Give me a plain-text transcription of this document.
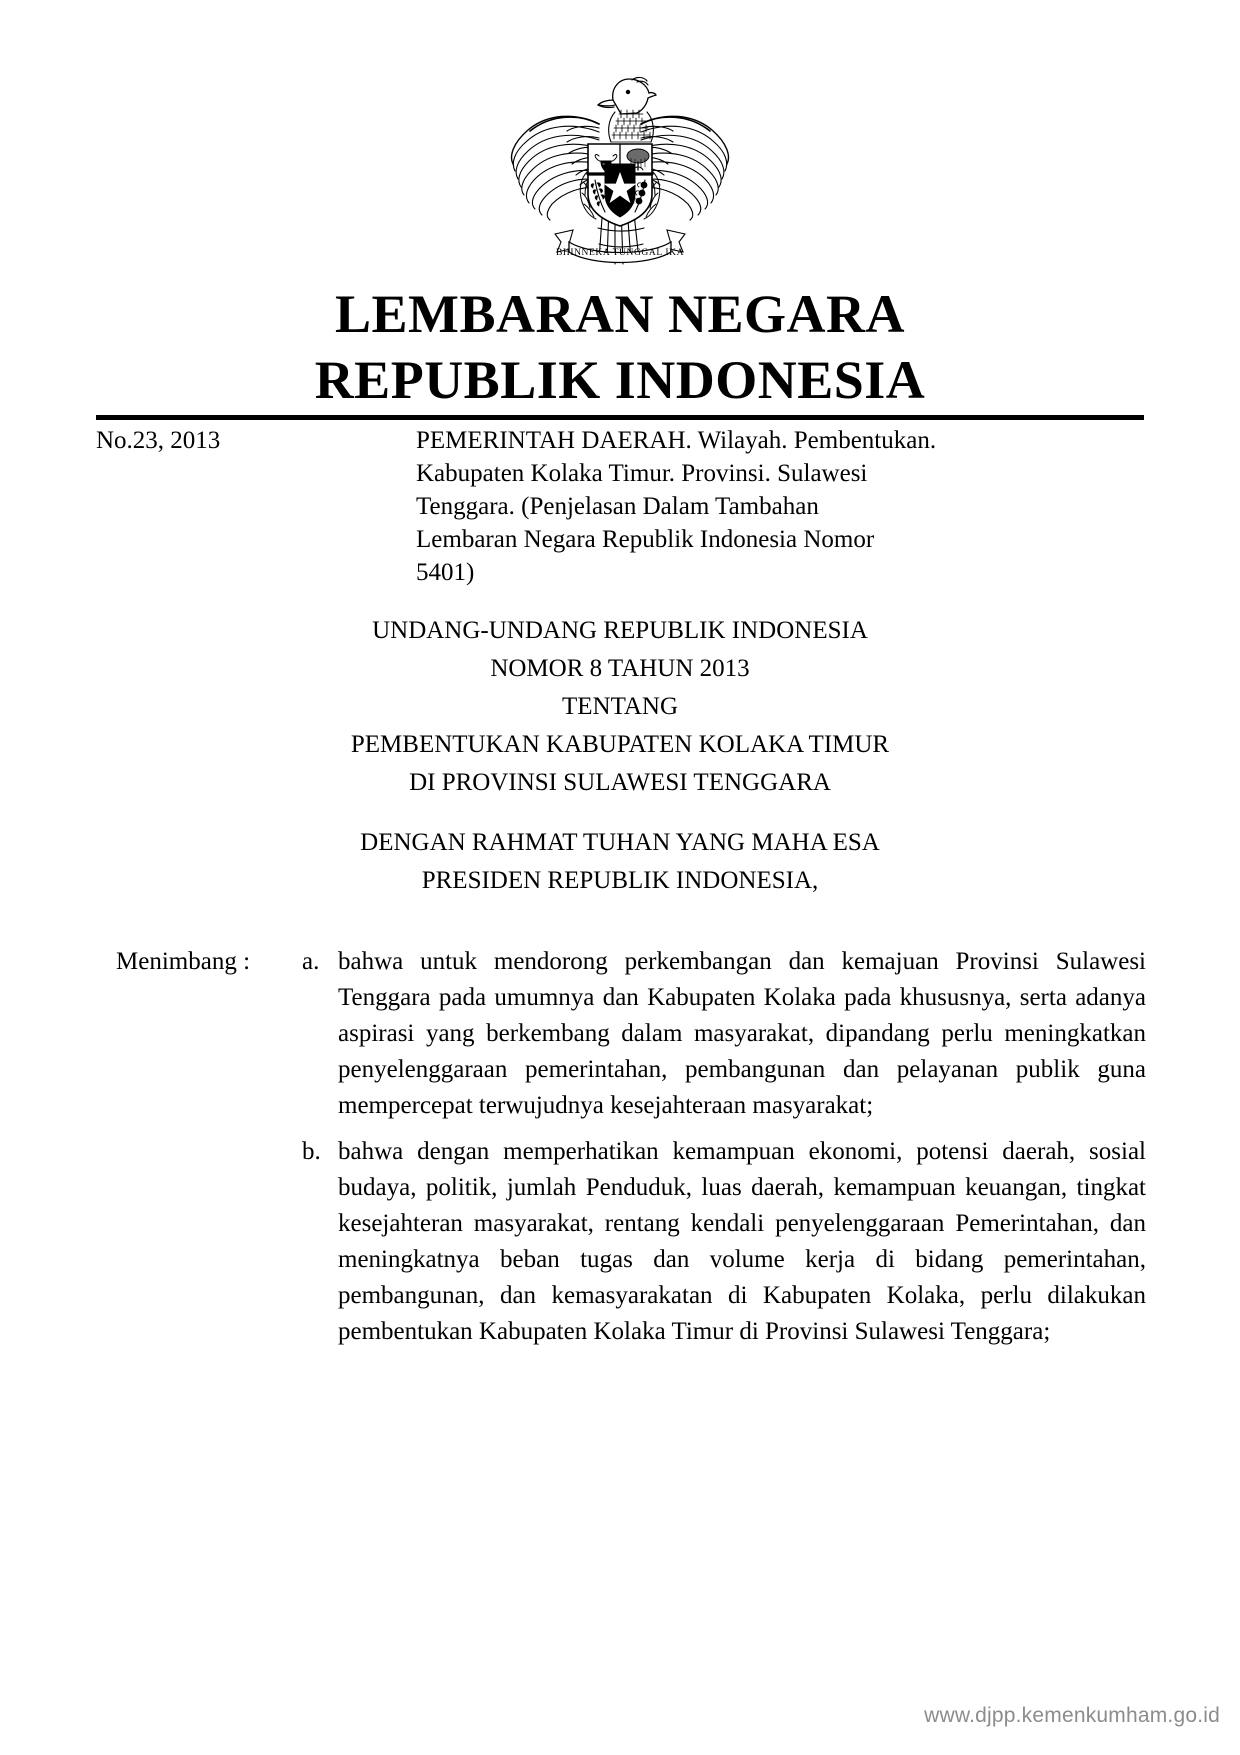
BHINNEKA TUNGGAL IKA
LEMBARAN NEGARA
REPUBLIK INDONESIA
No.23, 2013	PEMERINTAH DAERAH. Wilayah. Pembentukan.
Kabupaten Kolaka Timur. Provinsi. Sulawesi
Tenggara. (Penjelasan Dalam Tambahan
Lembaran Negara Republik Indonesia Nomor
5401)
UNDANG-UNDANG REPUBLIK INDONESIA
NOMOR 8 TAHUN 2013
TENTANG
PEMBENTUKAN KABUPATEN KOLAKA TIMUR
DI PROVINSI SULAWESI TENGGARA
DENGAN RAHMAT TUHAN YANG MAHA ESA
PRESIDEN REPUBLIK INDONESIA,
Menimbang :	a. bahwa untuk mendorong perkembangan dan kemajuan Provinsi Sulawesi Tenggara pada umumnya dan Kabupaten Kolaka pada khususnya, serta adanya aspirasi yang berkembang dalam masyarakat, dipandang perlu meningkatkan penyelenggaraan pemerintahan, pembangunan dan pelayanan publik guna mempercepat terwujudnya kesejahteraan masyarakat;
b. bahwa dengan memperhatikan kemampuan ekonomi, potensi daerah, sosial budaya, politik, jumlah Penduduk, luas daerah, kemampuan keuangan, tingkat kesejahteran masyarakat, rentang kendali penyelenggaraan Pemerintahan, dan meningkatnya beban tugas dan volume kerja di bidang pemerintahan, pembangunan, dan kemasyarakatan di Kabupaten Kolaka, perlu dilakukan pembentukan Kabupaten Kolaka Timur di Provinsi Sulawesi Tenggara;
www.djpp.kemenkumham.go.id
